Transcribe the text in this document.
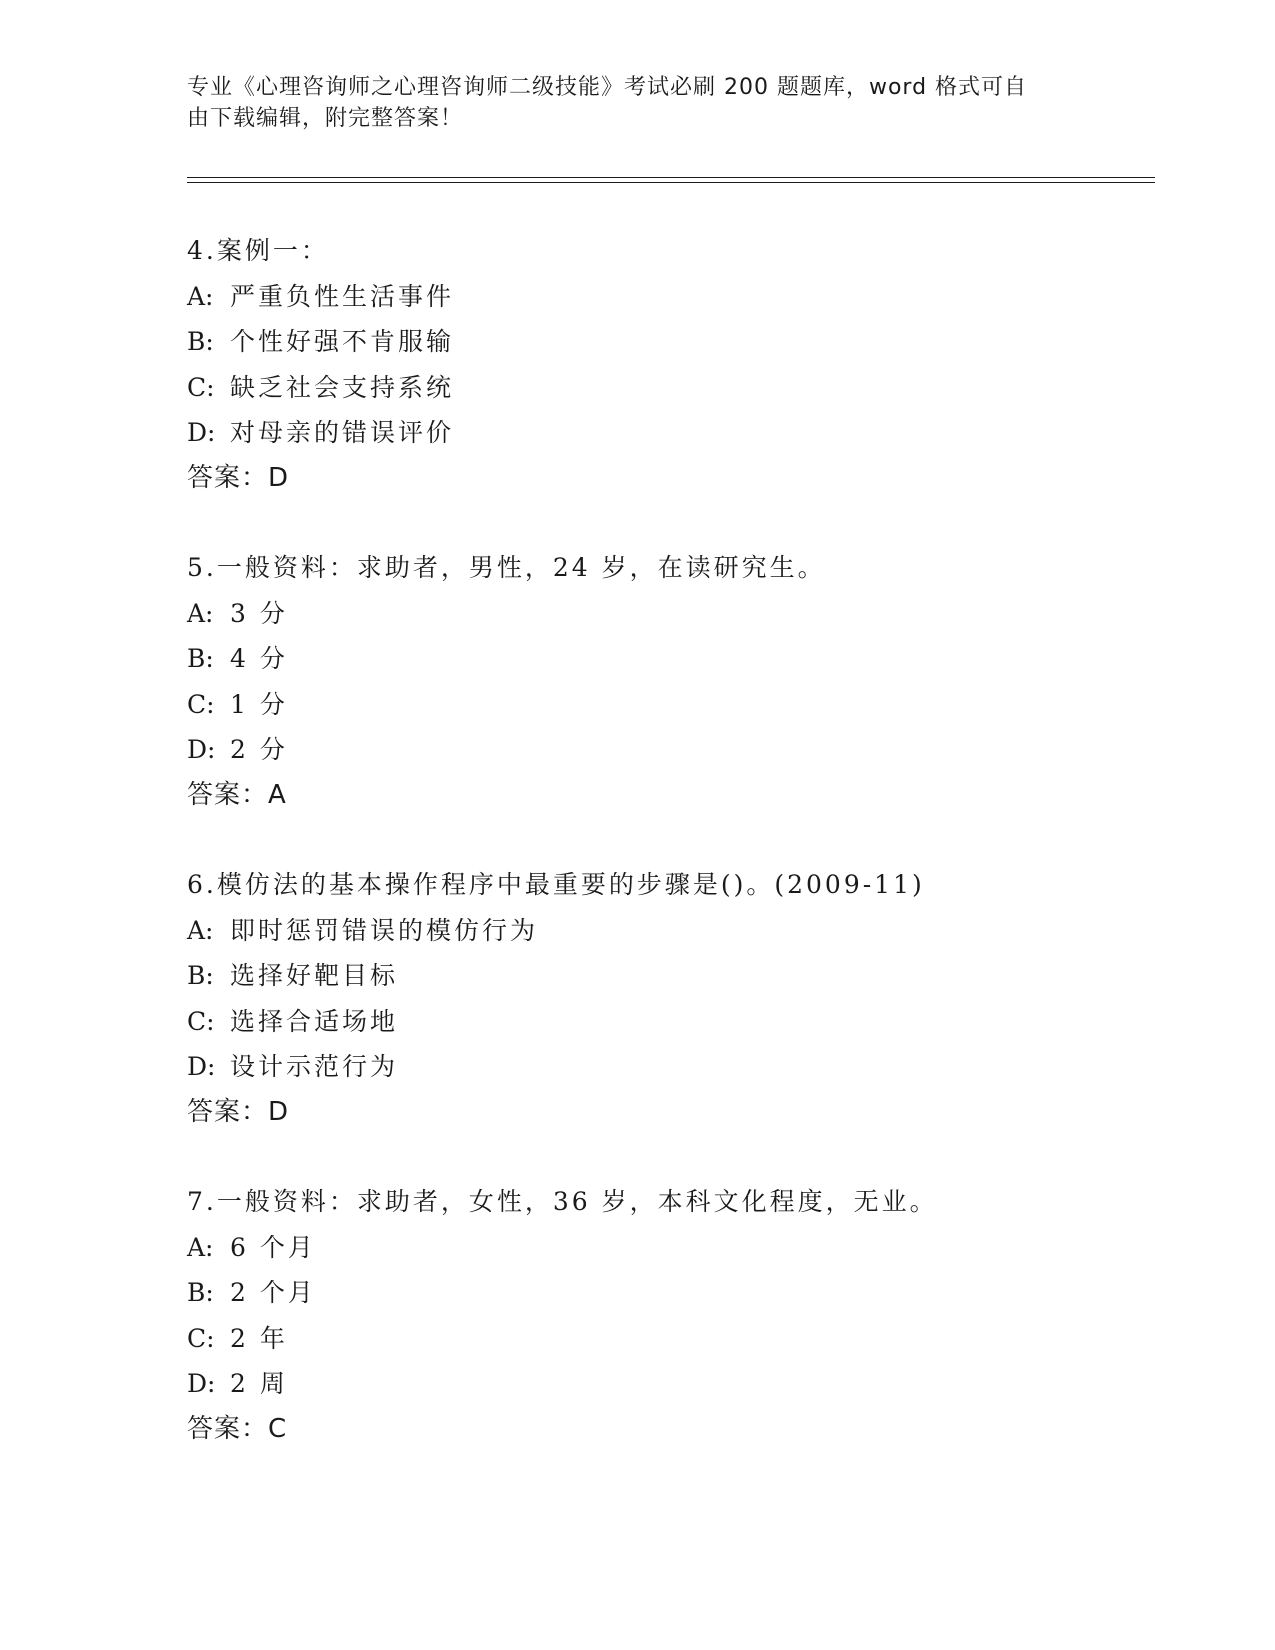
专业《心理咨询师之心理咨询师二级技能》考试必刷 200 题题库，word 格式可自
由下载编辑，附完整答案！
4.案例一：
A: 严重负性生活事件
B: 个性好强不肯服输
C: 缺乏社会支持系统
D: 对母亲的错误评价
答案：D
5.一般资料：求助者，男性，24 岁，在读研究生。
A: 3 分
B: 4 分
C: 1 分
D: 2 分
答案：A
6.模仿法的基本操作程序中最重要的步骤是()。(2009-11)
A: 即时惩罚错误的模仿行为
B: 选择好靶目标
C: 选择合适场地
D: 设计示范行为
答案：D
7.一般资料：求助者，女性，36 岁，本科文化程度，无业。
A: 6 个月
B: 2 个月
C: 2 年
D: 2 周
答案：C
